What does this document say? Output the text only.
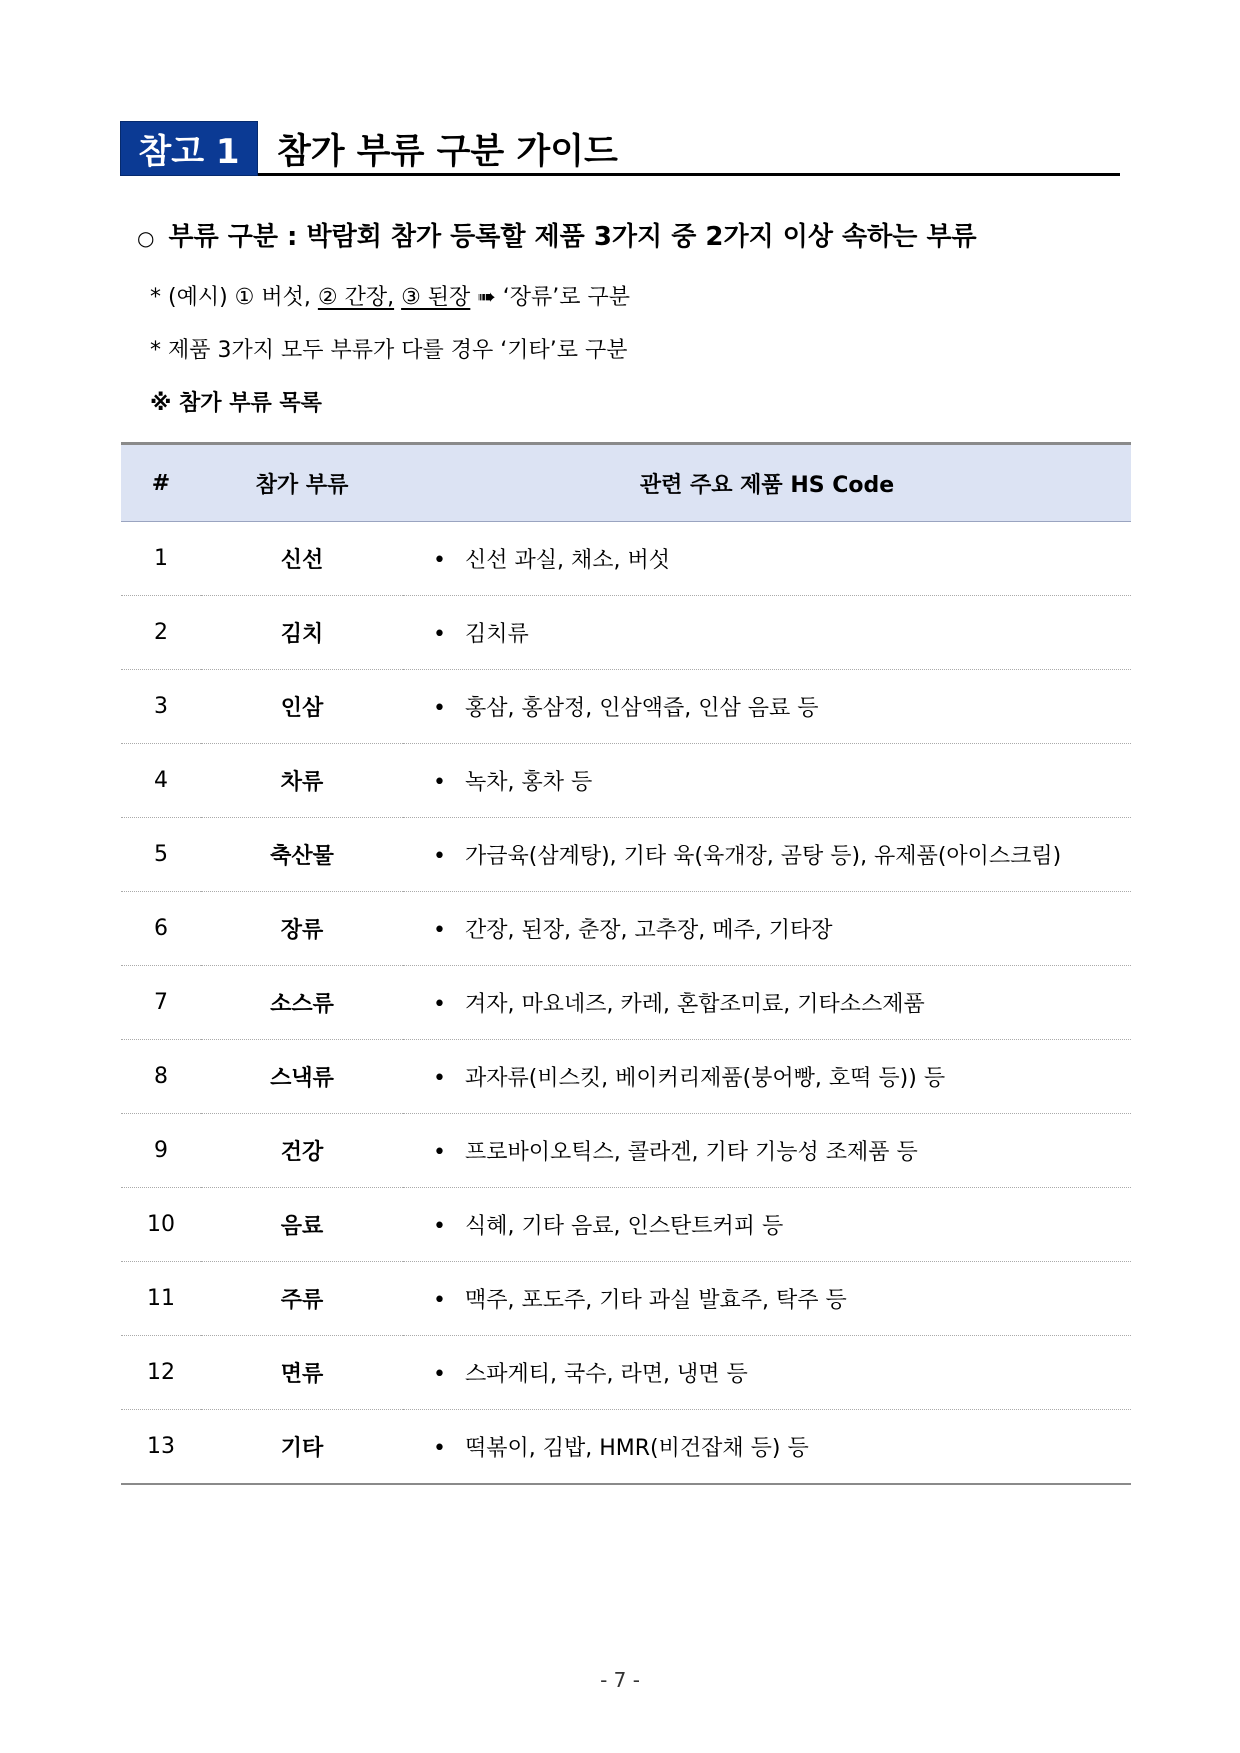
참고 1	참가 부류 구분 가이드
○ 부류 구분 : 박람회 참가 등록할 제품 3가지 중 2가지 이상 속하는 부류
* (예시) ① 버섯, ② 간장, ③ 된장 ➠ ‘장류’로 구분
* 제품 3가지 모두 부류가 다를 경우 ‘기타’로 구분
※ 참가 부류 목록
#	참가 부류	관련 주요 제품 HS Code
1	신선	• 신선 과실, 채소, 버섯
2	김치	• 김치류
3	인삼	• 홍삼, 홍삼정, 인삼액즙, 인삼 음료 등
4	차류	• 녹차, 홍차 등
5	축산물	• 가금육(삼계탕), 기타 육(육개장, 곰탕 등), 유제품(아이스크림)
6	장류	• 간장, 된장, 춘장, 고추장, 메주, 기타장
7	소스류	• 겨자, 마요네즈, 카레, 혼합조미료, 기타소스제품
8	스낵류	• 과자류(비스킷, 베이커리제품(붕어빵, 호떡 등)) 등
9	건강	• 프로바이오틱스, 콜라겐, 기타 기능성 조제품 등
10	음료	• 식혜, 기타 음료, 인스탄트커피 등
11	주류	• 맥주, 포도주, 기타 과실 발효주, 탁주 등
12	면류	• 스파게티, 국수, 라면, 냉면 등
13	기타	• 떡볶이, 김밥, HMR(비건잡채 등) 등
- 7 -
